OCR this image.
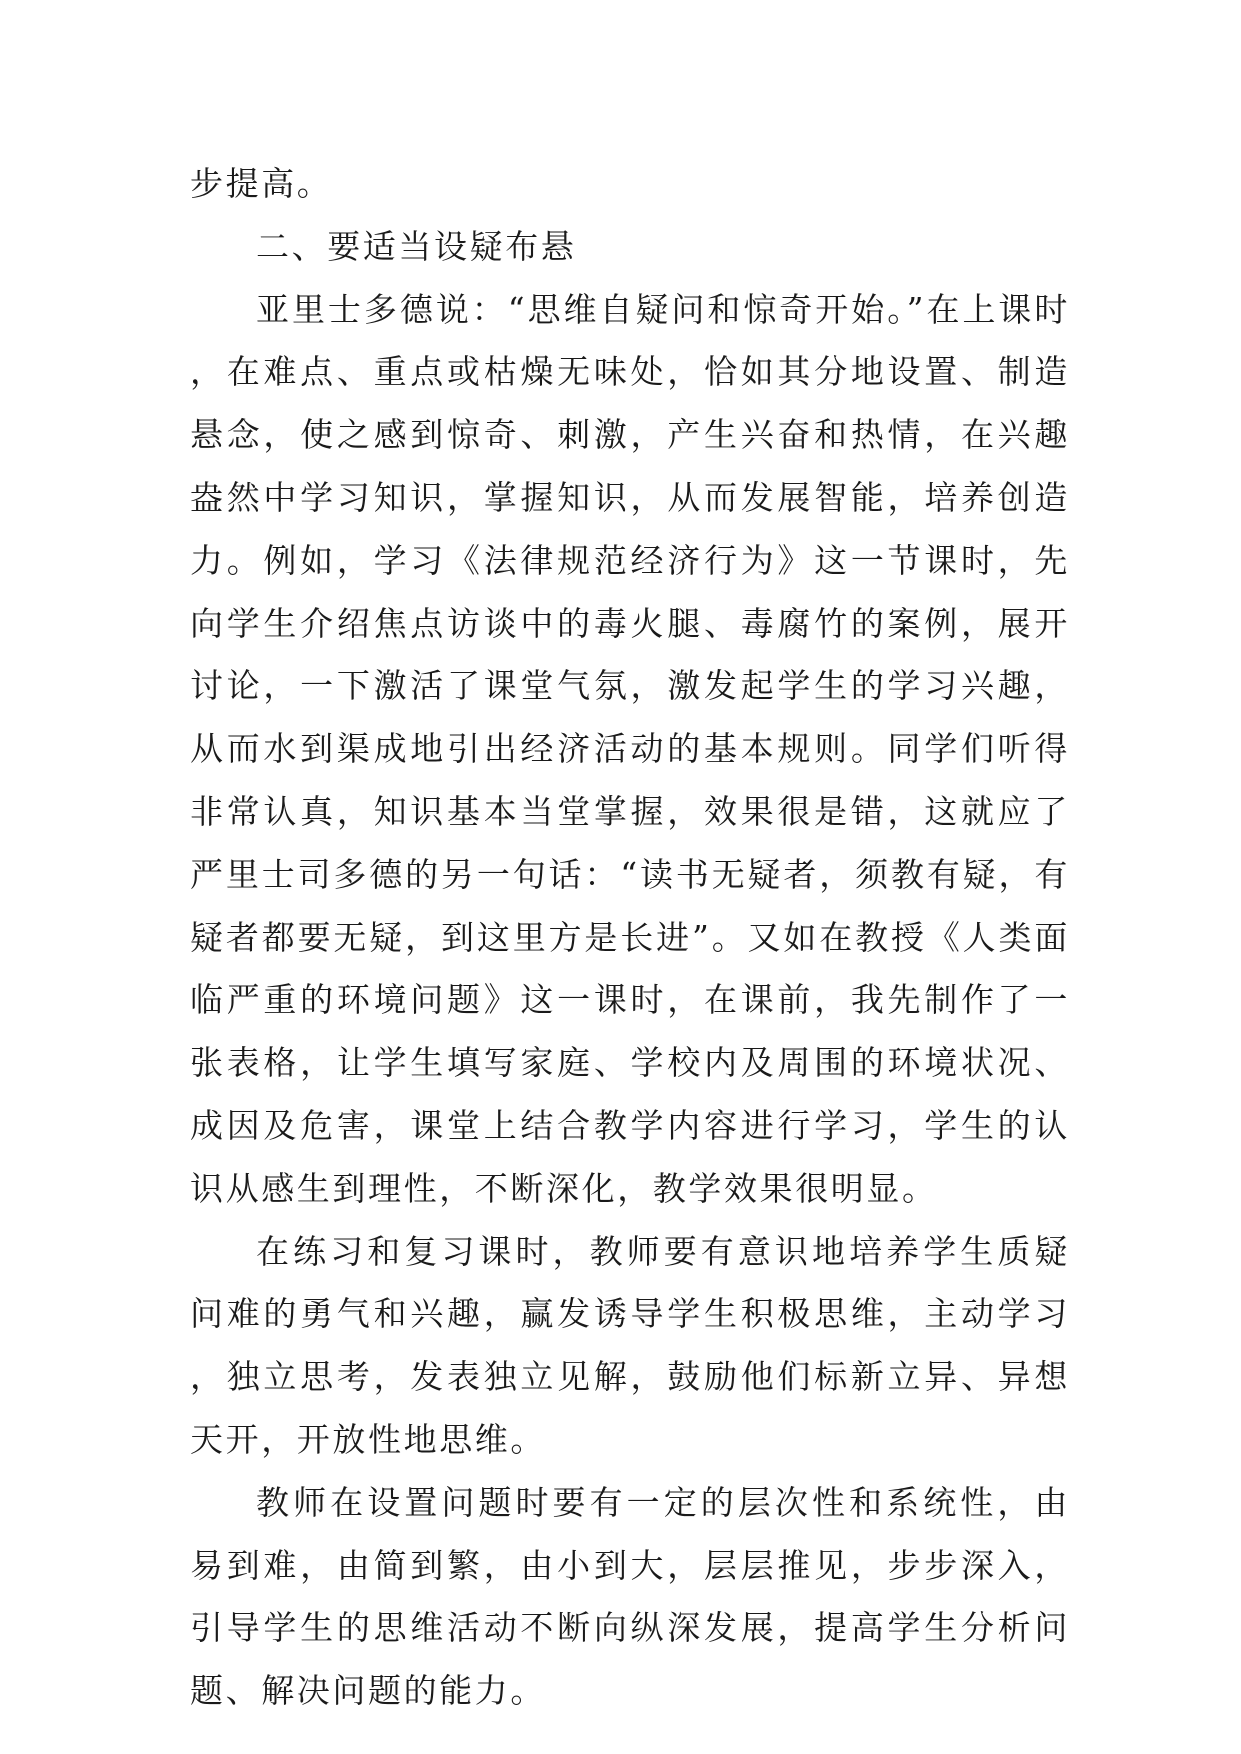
步提高。

二、要适当设疑布悬

亚里士多德说：“思维自疑问和惊奇开始。”在上课时，在难点、重点或枯燥无味处，恰如其分地设置、制造悬念，使之感到惊奇、刺激，产生兴奋和热情，在兴趣盎然中学习知识，掌握知识，从而发展智能，培养创造力。例如，学习《法律规范经济行为》这一节课时，先向学生介绍焦点访谈中的毒火腿、毒腐竹的案例，展开讨论，一下激活了课堂气氛，激发起学生的学习兴趣，从而水到渠成地引出经济活动的基本规则。同学们听得非常认真，知识基本当堂掌握，效果很是错，这就应了严里士司多德的另一句话：“读书无疑者，须教有疑，有疑者都要无疑，到这里方是长进”。又如在教授《人类面临严重的环境问题》这一课时，在课前，我先制作了一张表格，让学生填写家庭、学校内及周围的环境状况、成因及危害，课堂上结合教学内容进行学习，学生的认识从感生到理性，不断深化，教学效果很明显。

在练习和复习课时，教师要有意识地培养学生质疑问难的勇气和兴趣，赢发诱导学生积极思维，主动学习，独立思考，发表独立见解，鼓励他们标新立异、异想天开，开放性地思维。

教师在设置问题时要有一定的层次性和系统性，由易到难，由简到繁，由小到大，层层推见，步步深入，引导学生的思维活动不断向纵深发展，提高学生分析问题、解决问题的能力。
